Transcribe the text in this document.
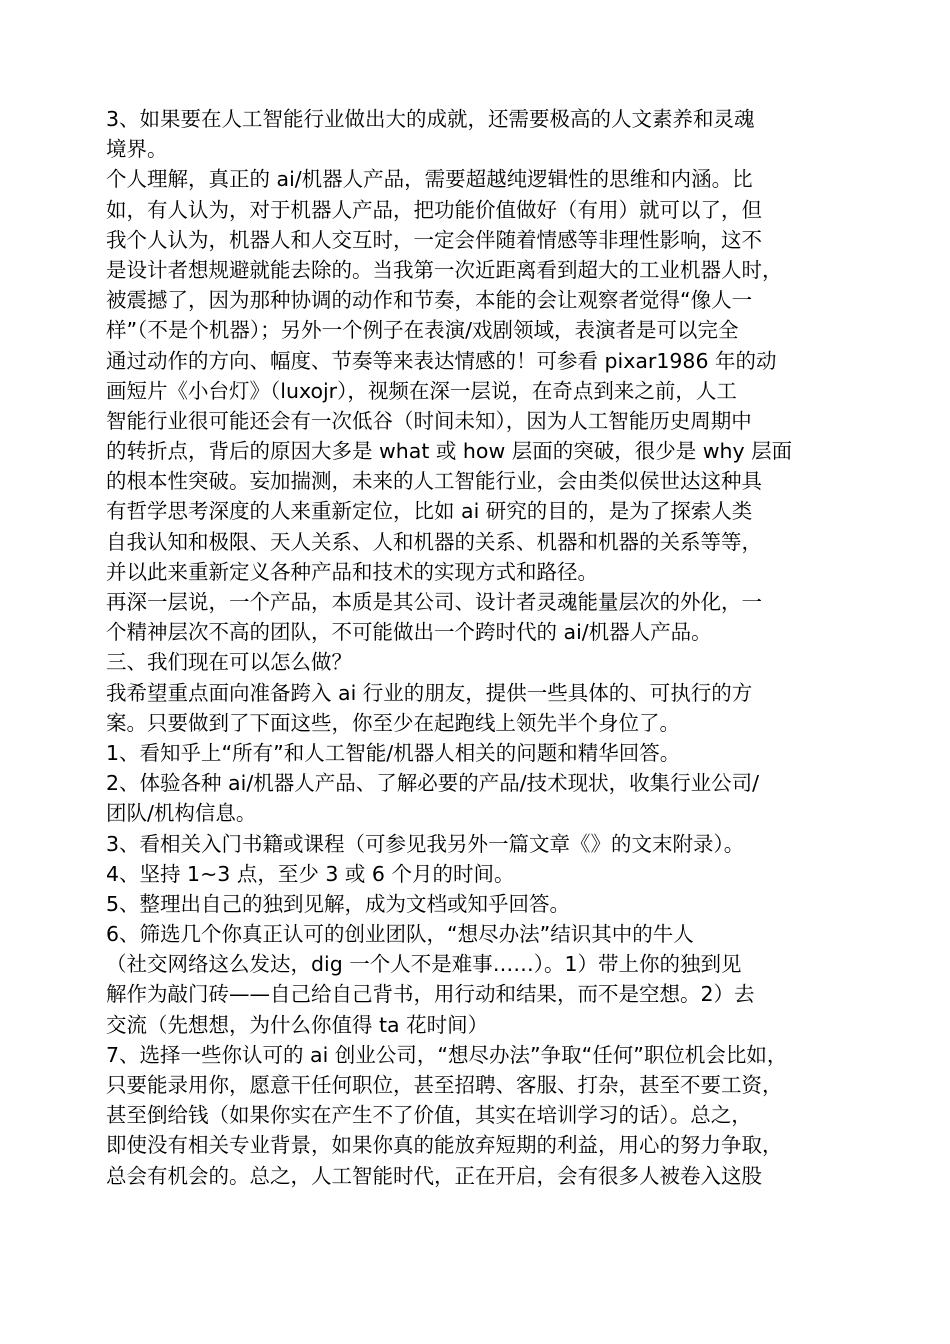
3、如果要在人工智能行业做出大的成就，还需要极高的人文素养和灵魂
境界。
个人理解，真正的 ai/机器人产品，需要超越纯逻辑性的思维和内涵。比
如，有人认为，对于机器人产品，把功能价值做好（有用）就可以了，但
我个人认为，机器人和人交互时，一定会伴随着情感等非理性影响，这不
是设计者想规避就能去除的。当我第一次近距离看到超大的工业机器人时，
被震撼了，因为那种协调的动作和节奏，本能的会让观察者觉得“像人一
样”（不是个机器）；另外一个例子在表演/戏剧领域，表演者是可以完全
通过动作的方向、幅度、节奏等来表达情感的！可参看 pixar1986 年的动
画短片《小台灯》（luxojr），视频在深一层说，在奇点到来之前，人工
智能行业很可能还会有一次低谷（时间未知），因为人工智能历史周期中
的转折点，背后的原因大多是 what 或 how 层面的突破，很少是 why 层面
的根本性突破。妄加揣测，未来的人工智能行业，会由类似侯世达这种具
有哲学思考深度的人来重新定位，比如 ai 研究的目的，是为了探索人类
自我认知和极限、天人关系、人和机器的关系、机器和机器的关系等等，
并以此来重新定义各种产品和技术的实现方式和路径。
再深一层说，一个产品，本质是其公司、设计者灵魂能量层次的外化，一
个精神层次不高的团队，不可能做出一个跨时代的 ai/机器人产品。
三、我们现在可以怎么做？
我希望重点面向准备跨入 ai 行业的朋友，提供一些具体的、可执行的方
案。只要做到了下面这些，你至少在起跑线上领先半个身位了。
1、看知乎上“所有”和人工智能/机器人相关的问题和精华回答。
2、体验各种 ai/机器人产品、了解必要的产品/技术现状，收集行业公司/
团队/机构信息。
3、看相关入门书籍或课程（可参见我另外一篇文章《》的文末附录）。
4、坚持 1~3 点，至少 3 或 6 个月的时间。
5、整理出自己的独到见解，成为文档或知乎回答。
6、筛选几个你真正认可的创业团队，“想尽办法”结识其中的牛人
（社交网络这么发达，dig 一个人不是难事……）。1）带上你的独到见
解作为敲门砖——自己给自己背书，用行动和结果，而不是空想。2）去
交流（先想想，为什么你值得 ta 花时间）
7、选择一些你认可的 ai 创业公司，“想尽办法”争取“任何”职位机会比如，
只要能录用你，愿意干任何职位，甚至招聘、客服、打杂，甚至不要工资，
甚至倒给钱（如果你实在产生不了价值，其实在培训学习的话）。总之，
即使没有相关专业背景，如果你真的能放弃短期的利益，用心的努力争取，
总会有机会的。总之，人工智能时代，正在开启，会有很多人被卷入这股
